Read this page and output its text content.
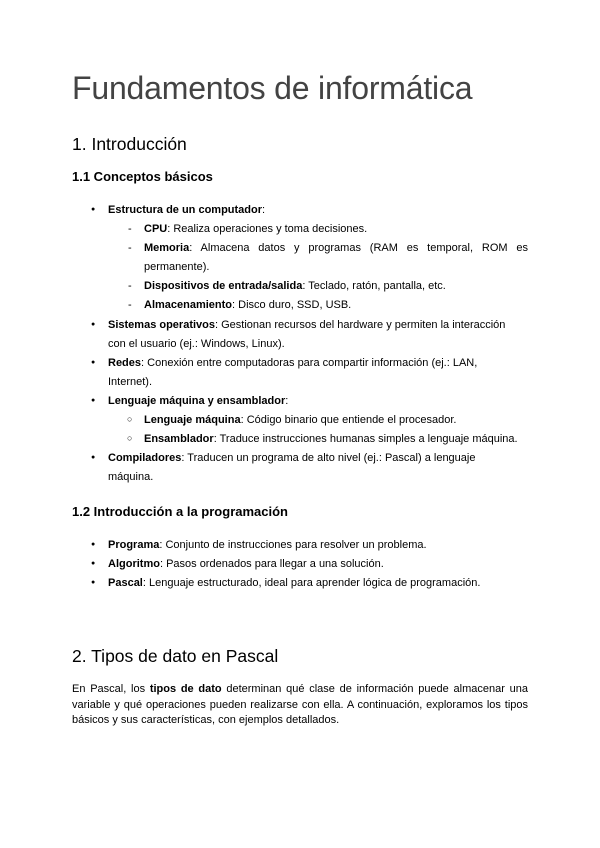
Fundamentos de informática
1. Introducción
1.1 Conceptos básicos
●
Estructura de un computador:
-
CPU: Realiza operaciones y toma decisiones.
-
Memoria: Almacena datos y programas (RAM es temporal, ROM es permanente).
-
Dispositivos de entrada/salida: Teclado, ratón, pantalla, etc.
-
Almacenamiento: Disco duro, SSD, USB.
●
Sistemas operativos: Gestionan recursos del hardware y permiten la interacción con el usuario (ej.: Windows, Linux).
●
Redes: Conexión entre computadoras para compartir información (ej.: LAN, Internet).
●
Lenguaje máquina y ensamblador:
○
Lenguaje máquina: Código binario que entiende el procesador.
○
Ensamblador: Traduce instrucciones humanas simples a lenguaje máquina.
●
Compiladores: Traducen un programa de alto nivel (ej.: Pascal) a lenguaje máquina.
1.2 Introducción a la programación
●
Programa: Conjunto de instrucciones para resolver un problema.
●
Algoritmo: Pasos ordenados para llegar a una solución.
●
Pascal: Lenguaje estructurado, ideal para aprender lógica de programación.
2. Tipos de dato en Pascal
En Pascal, los tipos de dato determinan qué clase de información puede almacenar una variable y qué operaciones pueden realizarse con ella. A continuación, exploramos los tipos básicos y sus características, con ejemplos detallados.
